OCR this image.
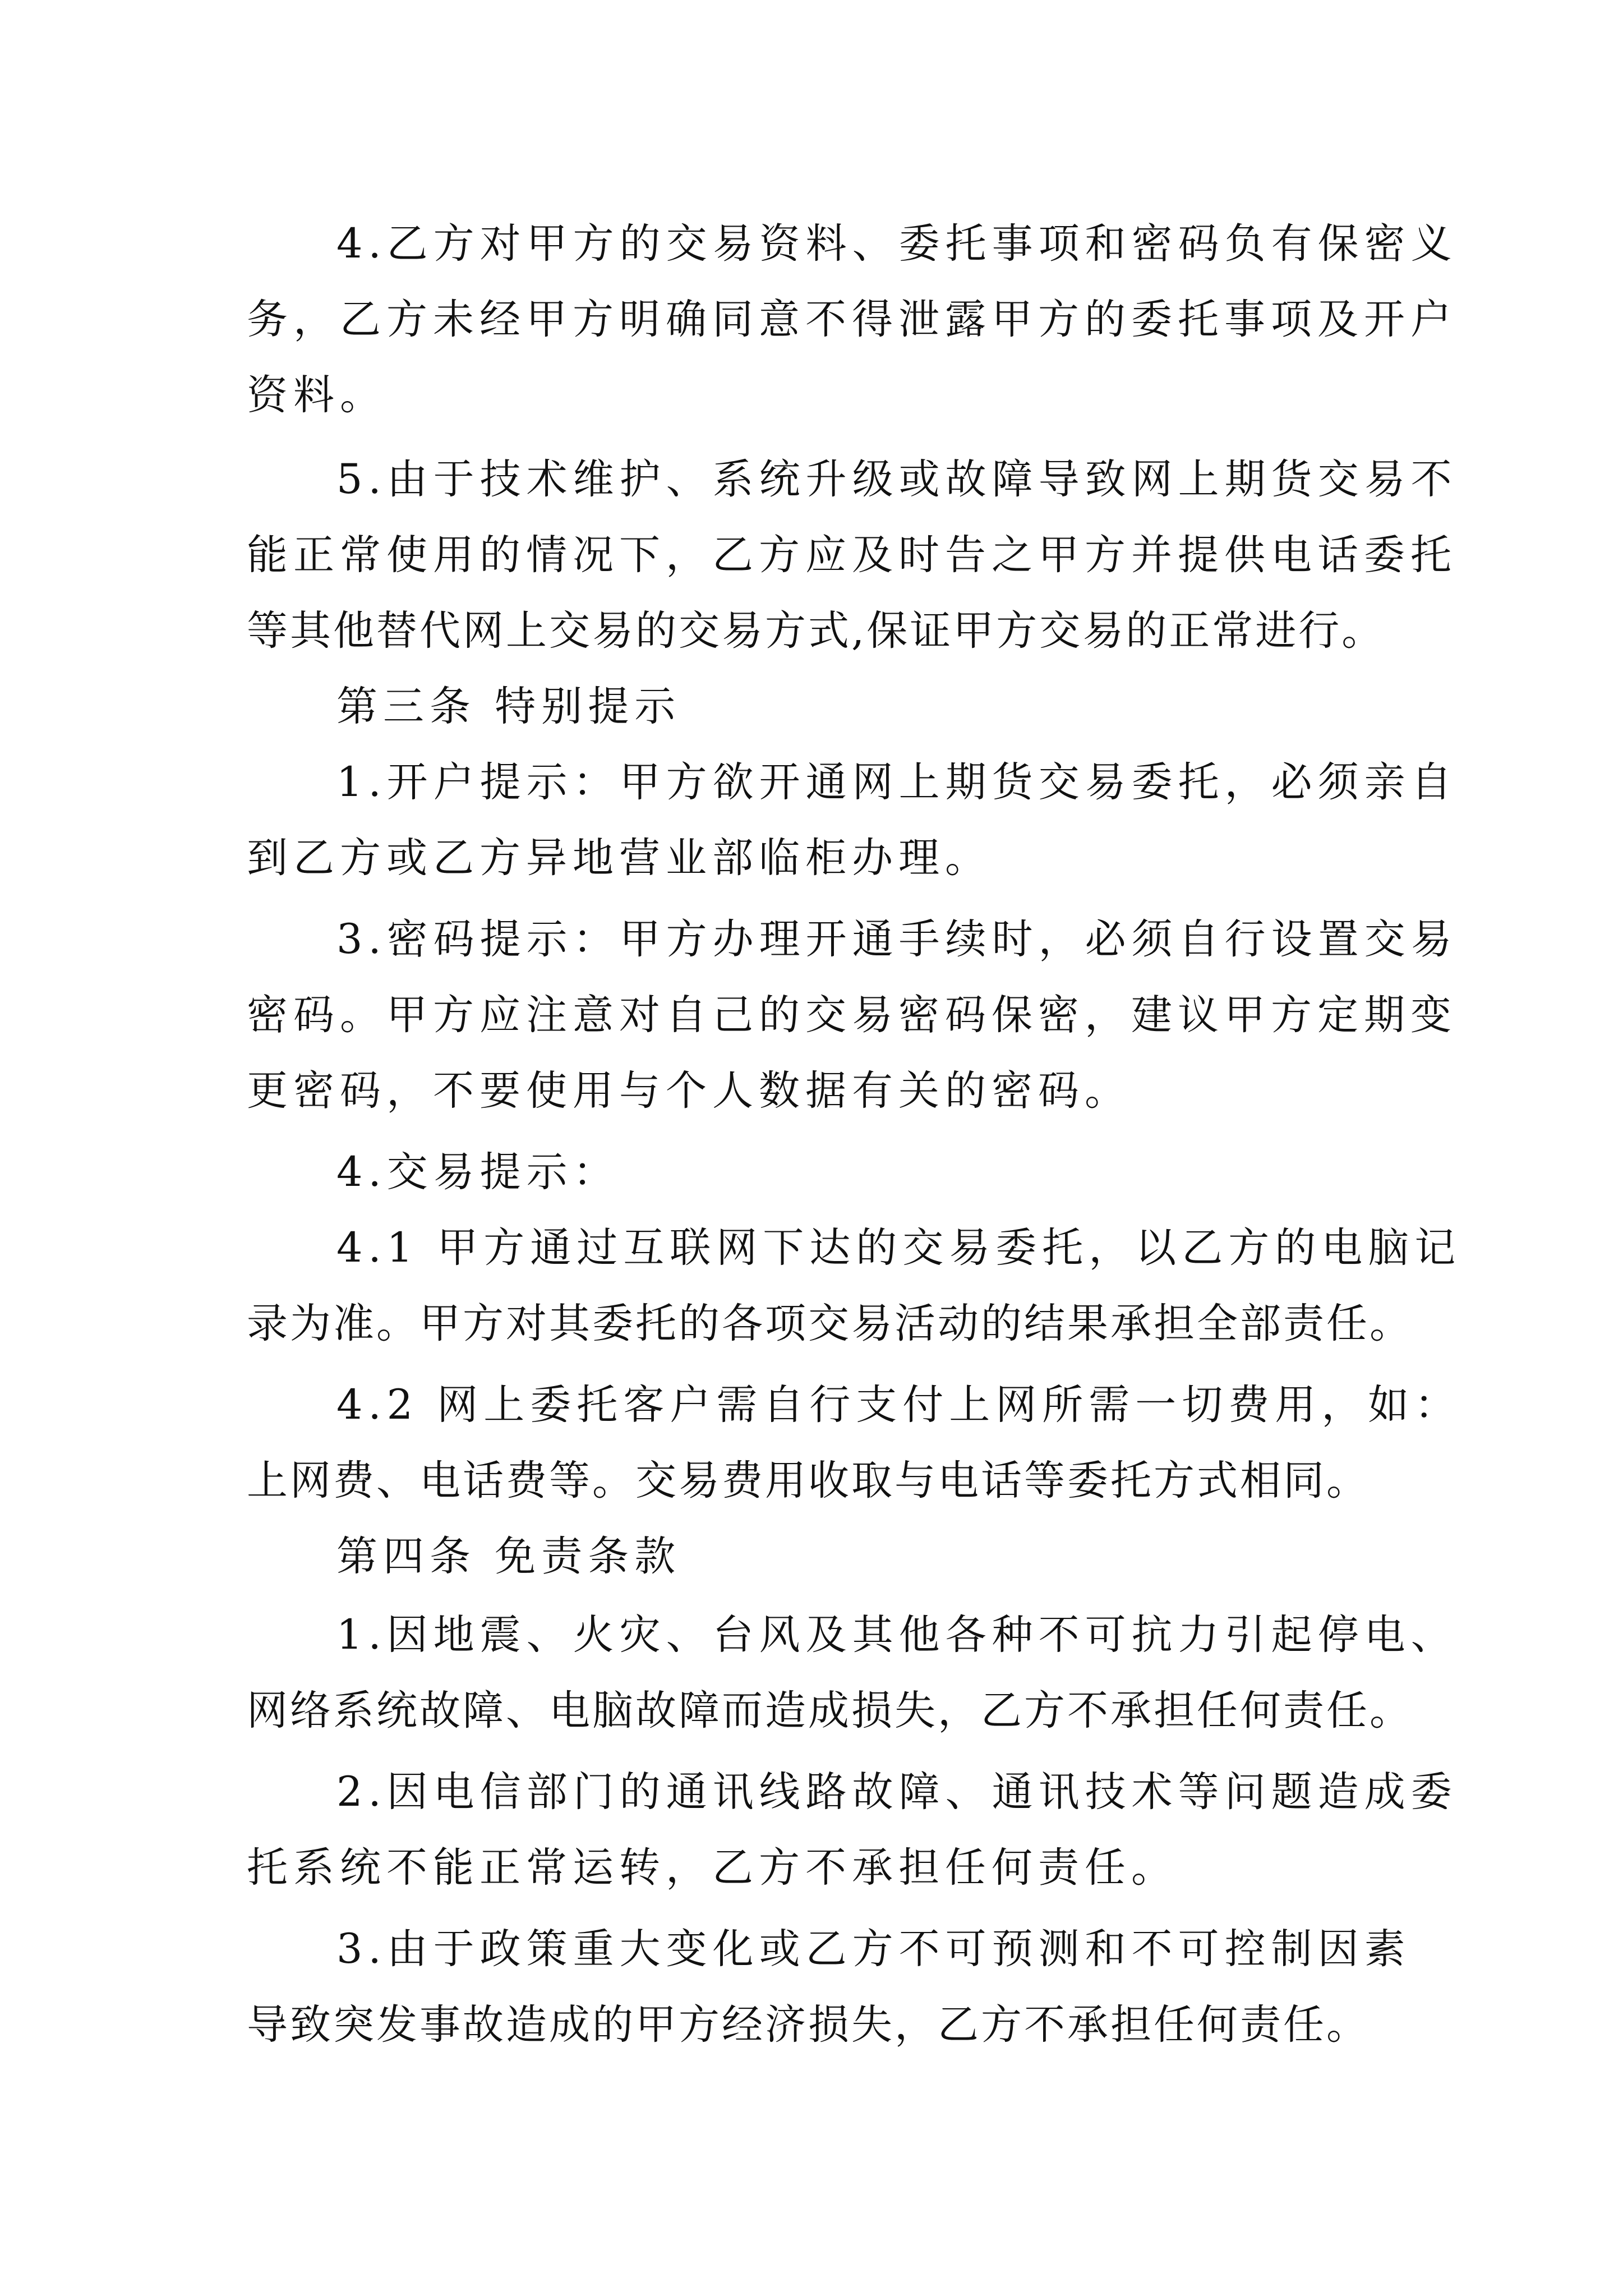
4.乙方对甲方的交易资料、委托事项和密码负有保密义
务，乙方未经甲方明确同意不得泄露甲方的委托事项及开户
资料。
5.由于技术维护、系统升级或故障导致网上期货交易不
能正常使用的情况下，乙方应及时告之甲方并提供电话委托
等其他替代网上交易的交易方式,保证甲方交易的正常进行。
第三条 特别提示
1.开户提示：甲方欲开通网上期货交易委托，必须亲自
到乙方或乙方异地营业部临柜办理。
3.密码提示：甲方办理开通手续时，必须自行设置交易
密码。甲方应注意对自己的交易密码保密，建议甲方定期变
更密码，不要使用与个人数据有关的密码。
4.交易提示：
4.1 甲方通过互联网下达的交易委托，以乙方的电脑记
录为准。甲方对其委托的各项交易活动的结果承担全部责任。
4.2 网上委托客户需自行支付上网所需一切费用，如：
上网费、电话费等。交易费用收取与电话等委托方式相同。
第四条 免责条款
1.因地震、火灾、台风及其他各种不可抗力引起停电、
网络系统故障、电脑故障而造成损失，乙方不承担任何责任。
2.因电信部门的通讯线路故障、通讯技术等问题造成委
托系统不能正常运转，乙方不承担任何责任。
3.由于政策重大变化或乙方不可预测和不可控制因素
导致突发事故造成的甲方经济损失，乙方不承担任何责任。
